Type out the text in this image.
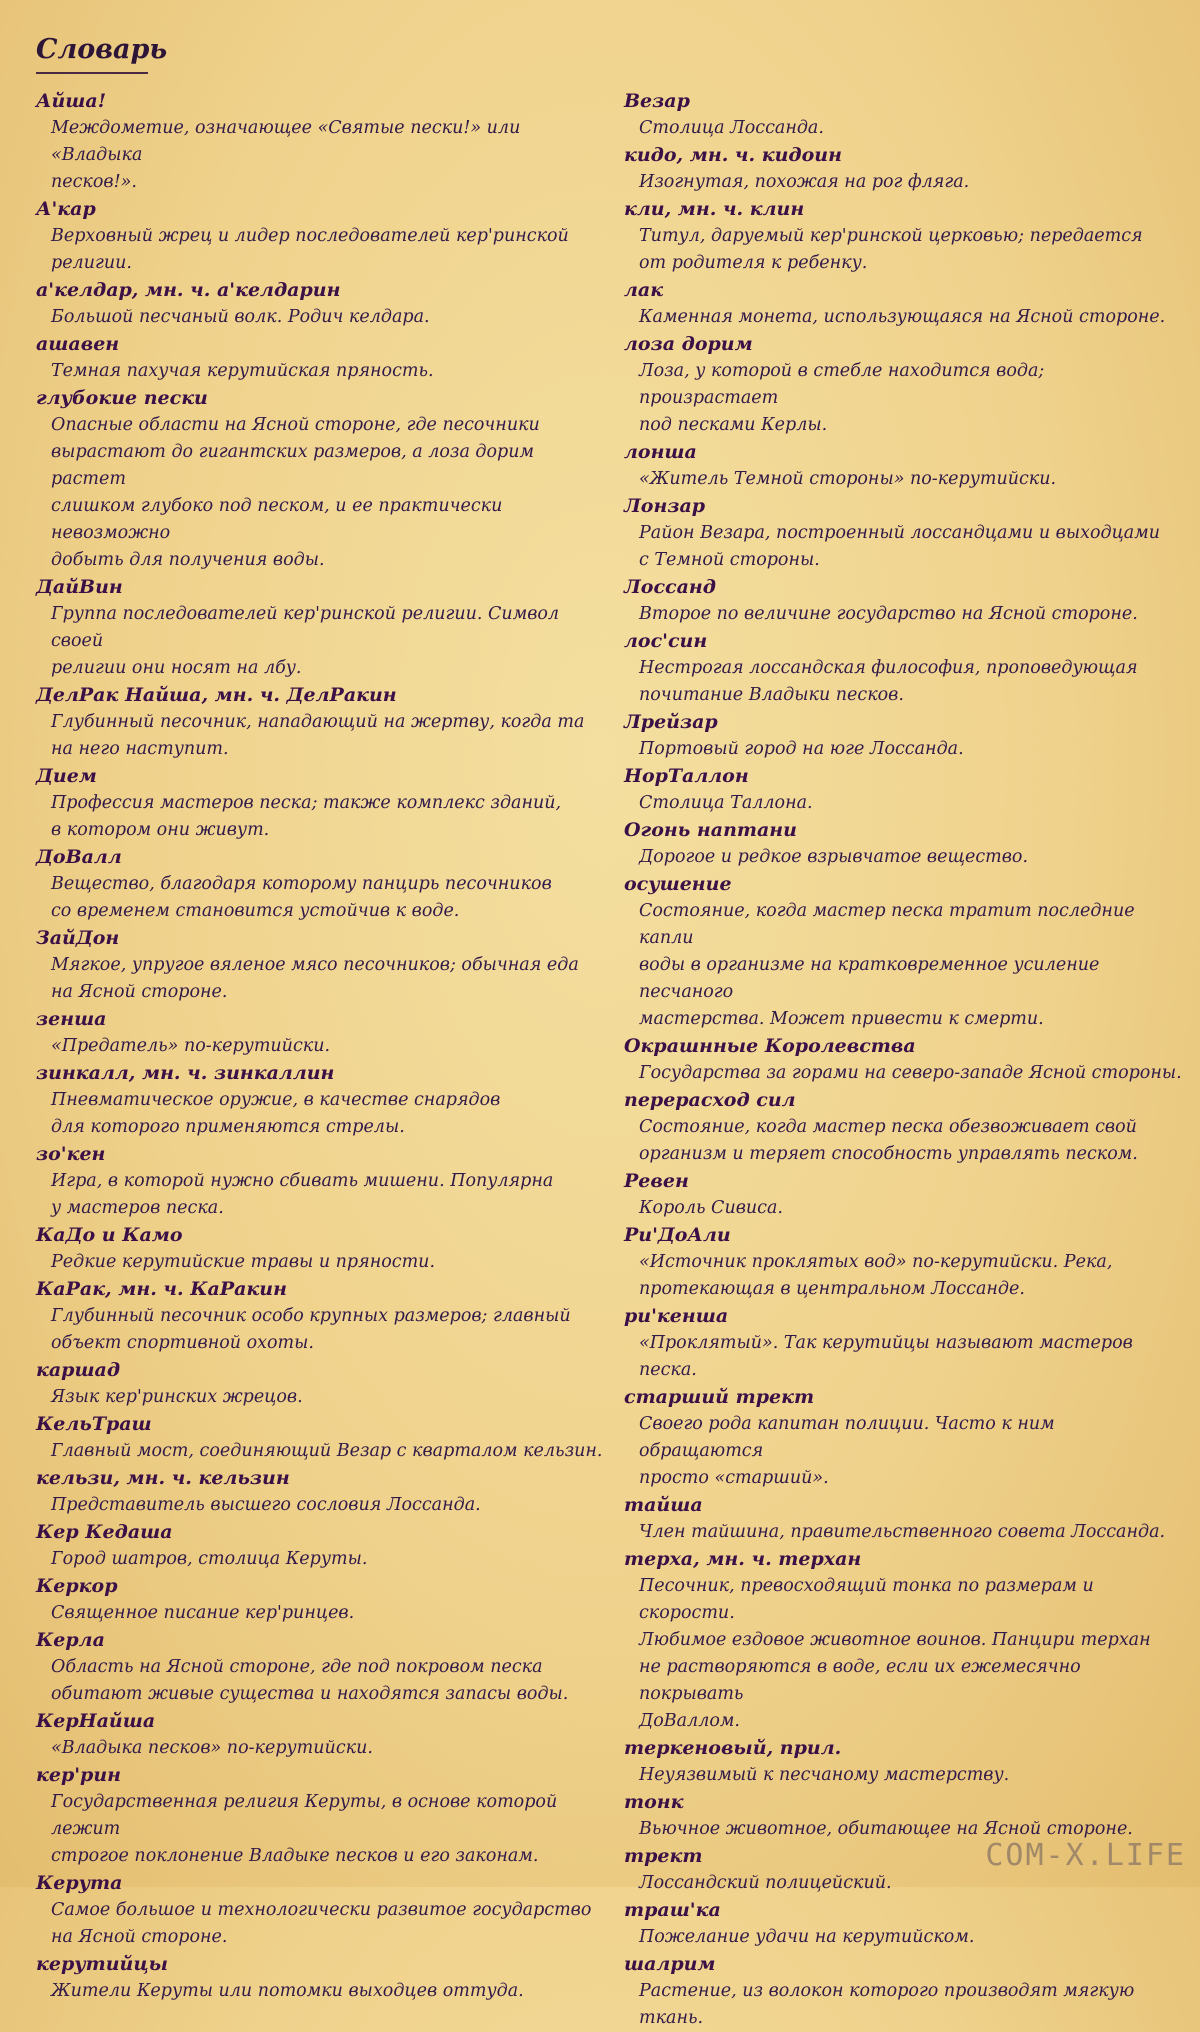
Словарь
Айша!
Междометие, означающее «Святые пески!» или «Владыка
песков!».
А'кар
Верховный жрец и лидер последователей кер'ринской религии.
а'келдар, мн. ч. а'келдарин
Большой песчаный волк. Родич келдара.
ашавен
Темная пахучая керутийская пряность.
глубокие пески
Опасные области на Ясной стороне, где песочники
вырастают до гигантских размеров, а лоза дорим растет
слишком глубоко под песком, и ее практически невозможно
добыть для получения воды.
ДайВин
Группа последователей кер'ринской религии. Символ своей
религии они носят на лбу.
ДелРак Найша, мн. ч. ДелРакин
Глубинный песочник, нападающий на жертву, когда та
на него наступит.
Дием
Профессия мастеров песка; также комплекс зданий,
в котором они живут.
ДоВалл
Вещество, благодаря которому панцирь песочников
со временем становится устойчив к воде.
ЗайДон
Мягкое, упругое вяленое мясо песочников; обычная еда
на Ясной стороне.
зенша
«Предатель» по-керутийски.
зинкалл, мн. ч. зинкаллин
Пневматическое оружие, в качестве снарядов
для которого применяются стрелы.
зо'кен
Игра, в которой нужно сбивать мишени. Популярна
у мастеров песка.
КаДо и Камо
Редкие керутийские травы и пряности.
КаРак, мн. ч. КаРакин
Глубинный песочник особо крупных размеров; главный
объект спортивной охоты.
каршад
Язык кер'ринских жрецов.
КельТраш
Главный мост, соединяющий Везар с кварталом кельзин.
кельзи, мн. ч. кельзин
Представитель высшего сословия Лоссанда.
Кер Кедаша
Город шатров, столица Керуты.
Керкор
Священное писание кер'ринцев.
Керла
Область на Ясной стороне, где под покровом песка
обитают живые существа и находятся запасы воды.
КерНайша
«Владыка песков» по-керутийски.
кер'рин
Государственная религия Керуты, в основе которой лежит
строгое поклонение Владыке песков и его законам.
Керута
Самое большое и технологически развитое государство
на Ясной стороне.
керутийцы
Жители Керуты или потомки выходцев оттуда.
Везар
Столица Лоссанда.
кидо, мн. ч. кидоин
Изогнутая, похожая на рог фляга.
кли, мн. ч. клин
Титул, даруемый кер'ринской церковью; передается
от родителя к ребенку.
лак
Каменная монета, использующаяся на Ясной стороне.
лоза дорим
Лоза, у которой в стебле находится вода; произрастает
под песками Керлы.
лонша
«Житель Темной стороны» по-керутийски.
Лонзар
Район Везара, построенный лоссандцами и выходцами
с Темной стороны.
Лоссанд
Второе по величине государство на Ясной стороне.
лос'син
Нестрогая лоссандская философия, проповедующая
почитание Владыки песков.
Лрейзар
Портовый город на юге Лоссанда.
НорТаллон
Столица Таллона.
Огонь наптани
Дорогое и редкое взрывчатое вещество.
осушение
Состояние, когда мастер песка тратит последние капли
воды в организме на кратковременное усиление песчаного
мастерства. Может привести к смерти.
Окрашнные Королевства
Государства за горами на северо-западе Ясной стороны.
перерасход сил
Состояние, когда мастер песка обезвоживает свой
организм и теряет способность управлять песком.
Ревен
Король Сивиса.
Ри'ДоАли
«Источник проклятых вод» по-керутийски. Река,
протекающая в центральном Лоссанде.
ри'кенша
«Проклятый». Так керутийцы называют мастеров песка.
старший трект
Своего рода капитан полиции. Часто к ним обращаются
просто «старший».
тайша
Член тайшина, правительственного совета Лоссанда.
терха, мн. ч. терхан
Песочник, превосходящий тонка по размерам и скорости.
Любимое ездовое животное воинов. Панцири терхан
не растворяются в воде, если их ежемесячно покрывать
ДоВаллом.
теркеновый, прил.
Неуязвимый к песчаному мастерству.
тонк
Вьючное животное, обитающее на Ясной стороне.
трект
Лоссандский полицейский.
траш'ка
Пожелание удачи на керутийском.
шалрим
Растение, из волокон которого производят мягкую ткань.
COM-X.LIFE
